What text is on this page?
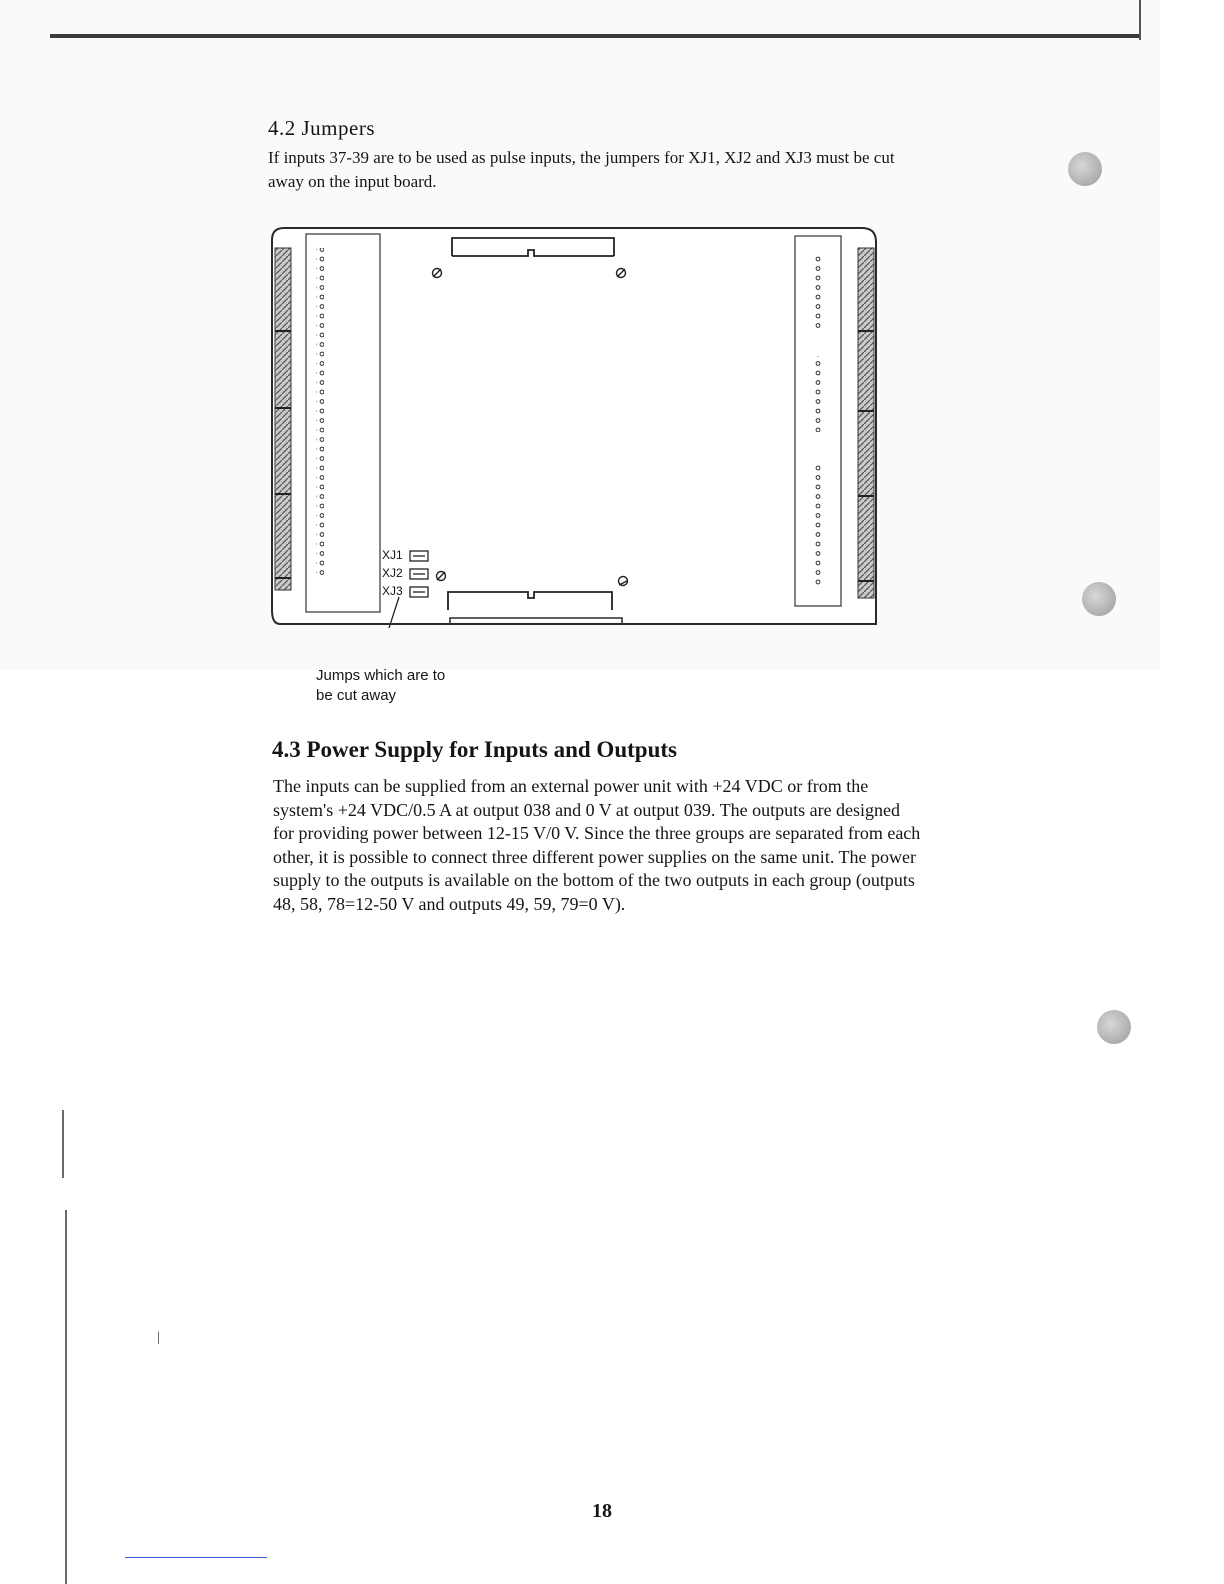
|
4.2 Jumpers

If inputs 37-39 are to be used as pulse inputs, the jumpers for XJ1, XJ2 and XJ3 must be cut away on the input board.

XJ1
XJ2
XJ3
Jumps which are to
be cut away
4.3 Power Supply for Inputs and Outputs

The inputs can be supplied from an external power unit with +24 VDC or from the system's +24 VDC/0.5 A at output 038 and 0 V at output 039. The outputs are designed for providing power between 12-15 V/0 V. Since the three groups are separated from each other, it is possible to connect three different power supplies on the same unit. The power supply to the outputs is available on the bottom of the two outputs in each group (outputs 48, 58, 78=12-50 V and outputs 49, 59, 79=0 V).

18
